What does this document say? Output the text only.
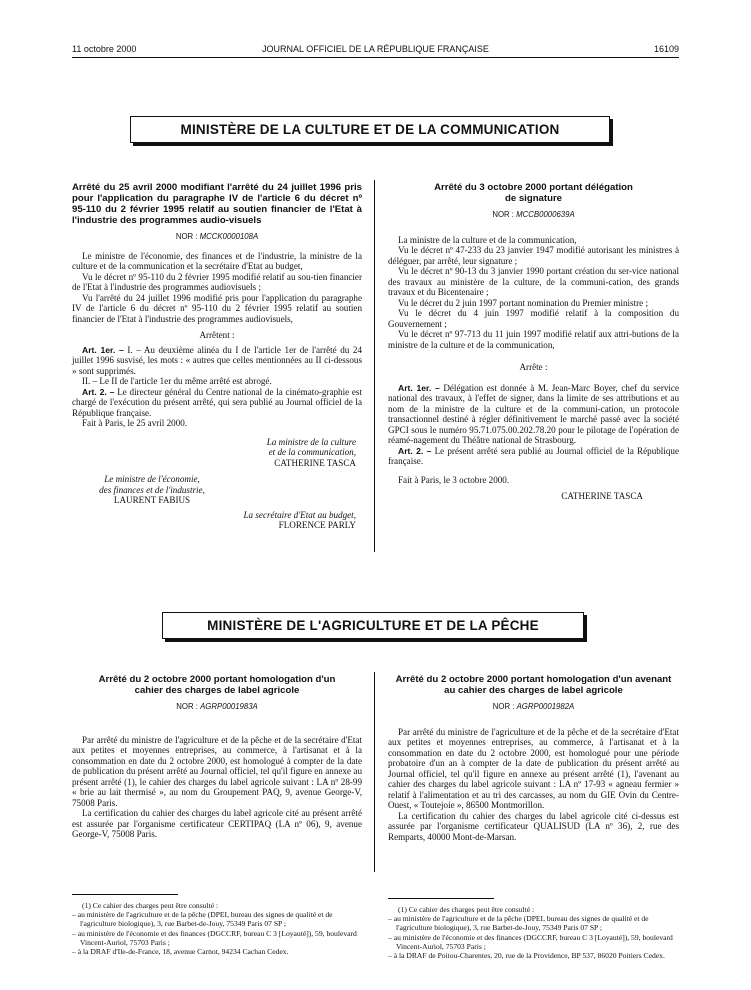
11 octobre 2000	JOURNAL OFFICIEL DE LA RÉPUBLIQUE FRANÇAISE	16109
MINISTÈRE DE LA CULTURE ET DE LA COMMUNICATION
Arrêté du 25 avril 2000 modifiant l'arrêté du 24 juillet 1996 pris pour l'application du paragraphe IV de l'article 6 du décret nº 95-110 du 2 février 1995 relatif au soutien financier de l'Etat à l'industrie des programmes audio-visuels
NOR : MCCK0000108A

Le ministre de l'économie, des finances et de l'industrie, la ministre de la culture et de la communication et la secrétaire d'Etat au budget,

Vu le décret nº 95-110 du 2 février 1995 modifié relatif au sou-tien financier de l'Etat à l'industrie des programmes audiovisuels ;

Vu l'arrêté du 24 juillet 1996 modifié pris pour l'application du paragraphe IV de l'article 6 du décret nº 95-110 du 2 février 1995 relatif au soutien financier de l'Etat à l'industrie des programmes audiovisuels,

Arrêtent :

Art. 1er. – I. – Au deuxième alinéa du I de l'article 1er de l'arrêté du 24 juillet 1996 susvisé, les mots : « autres que celles mentionnées au II ci-dessous » sont supprimés.

II. – Le II de l'article 1er du même arrêté est abrogé.

Art. 2. – Le directeur général du Centre national de la cinémato-graphie est chargé de l'exécution du présent arrêté, qui sera publié au Journal officiel de la République française.

Fait à Paris, le 25 avril 2000.

La ministre de la culture
et de la communication,
CATHERINE TASCA
Le ministre de l'économie,
des finances et de l'industrie,
LAURENT FABIUS
La secrétaire d'Etat au budget,
FLORENCE PARLY
Arrêté du 3 octobre 2000 portant délégation de signature
NOR : MCCB0000639A

La ministre de la culture et de la communication,

Vu le décret nº 47-233 du 23 janvier 1947 modifié autorisant les ministres à déléguer, par arrêté, leur signature ;

Vu le décret nº 90-13 du 3 janvier 1990 portant création du ser-vice national des travaux au ministère de la culture, de la communi-cation, des grands travaux et du Bicentenaire ;

Vu le décret du 2 juin 1997 portant nomination du Premier ministre ;

Vu le décret du 4 juin 1997 modifié relatif à la composition du Gouvernement ;

Vu le décret nº 97-713 du 11 juin 1997 modifié relatif aux attri-butions de la ministre de la culture et de la communication,

Arrête :

Art. 1er. – Délégation est donnée à M. Jean-Marc Boyer, chef du service national des travaux, à l'effet de signer, dans la limite de ses attributions et au nom de la ministre de la culture et de la communi-cation, un protocole transactionnel destiné à régler définitivement le marché passé avec la société GPCI sous le numéro 95.71.075.00.202.78.20 pour le pilotage de l'opération de réamé-nagement du Théâtre national de Strasbourg.

Art. 2. – Le présent arrêté sera publié au Journal officiel de la République française.

Fait à Paris, le 3 octobre 2000.

CATHERINE TASCA

MINISTÈRE DE L'AGRICULTURE ET DE LA PÊCHE
Arrêté du 2 octobre 2000 portant homologation d'un cahier des charges de label agricole
NOR : AGRP0001983A

Par arrêté du ministre de l'agriculture et de la pêche et de la secrétaire d'Etat aux petites et moyennes entreprises, au commerce, à l'artisanat et à la consommation en date du 2 octobre 2000, est homologué à compter de la date de publication du présent arrêté au Journal officiel, tel qu'il figure en annexe au présent arrêté (1), le cahier des charges du label agricole suivant : LA nº 28-99 « brie au lait thermisé », au nom du Groupement PAQ, 9, avenue George-V, 75008 Paris.

La certification du cahier des charges du label agricole cité au présent arrêté est assurée par l'organisme certificateur CERTIPAQ (LA nº 06), 9, avenue George-V, 75008 Paris.

Arrêté du 2 octobre 2000 portant homologation d'un avenant au cahier des charges de label agricole
NOR : AGRP0001982A

Par arrêté du ministre de l'agriculture et de la pêche et de la secrétaire d'Etat aux petites et moyennes entreprises, au commerce, à l'artisanat et à la consommation en date du 2 octobre 2000, est homologué pour une période probatoire d'un an à compter de la date de publication du présent arrêté au Journal officiel, tel qu'il figure en annexe au présent arrêté (1), l'avenant au cahier des charges du label agricole suivant : LA nº 17-93 « agneau fermier » relatif à l'alimentation et au tri des carcasses, au nom du GIE Ovin du Centre-Ouest, « Toutejoie », 86500 Montmorillon.

La certification du cahier des charges du label agricole cité ci-dessus est assurée par l'organisme certificateur QUALISUD (LA nº 36), 2, rue des Remparts, 40000 Mont-de-Marsan.

(1) Ce cahier des charges peut être consulté :

– au ministère de l'agriculture et de la pêche (DPEI, bureau des signes de qualité et de l'agriculture biologique), 3, rue Barbet-de-Jouy, 75349 Paris 07 SP ;

– au ministère de l'économie et des finances (DGCCRF, bureau C 3 [Loyauté]), 59, boulevard Vincent-Auriol, 75703 Paris ;

– à la DRAF d'Ile-de-France, 18, avenue Carnot, 94234 Cachan Cedex.

(1) Ce cahier des charges peut être consulté :

– au ministère de l'agriculture et de la pêche (DPEI, bureau des signes de qualité et de l'agriculture biologique), 3, rue Barbet-de-Jouy, 75349 Paris 07 SP ;

– au ministère de l'économie et des finances (DGCCRF, bureau C 3 [Loyauté]), 59, boulevard Vincent-Auriol, 75703 Paris ;

– à la DRAF de Poitou-Charentes, 20, rue de la Providence, BP 537, 86020 Poitiers Cedex.
